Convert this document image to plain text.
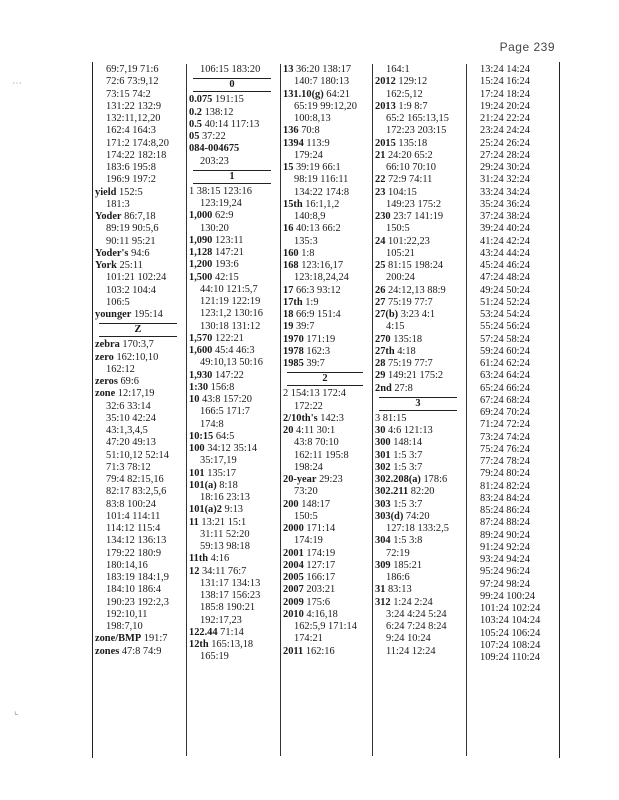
Page 239
⋯
⌞
69:7,19 71:6
72:6 73:9,12
73:15 74:2
131:22 132:9
132:11,12,20
162:4 164:3
171:2 174:8,20
174:22 182:18
183:6 195:8
196:9 197:2
yield 152:5
181:3
Yoder 86:7,18
89:19 90:5,6
90:11 95:21
Yoder's 94:6
York 25:11
101:21 102:24
103:2 104:4
106:5
younger 195:14
Z
zebra 170:3,7
zero 162:10,10
162:12
zeros 69:6
zone 12:17,19
32:6 33:14
35:10 42:24
43:1,3,4,5
47:20 49:13
51:10,12 52:14
71:3 78:12
79:4 82:15,16
82:17 83:2,5,6
83:8 100:24
101:4 114:11
114:12 115:4
134:12 136:13
179:22 180:9
180:14,16
183:19 184:1,9
184:10 186:4
190:23 192:2,3
192:10,11
198:7,10
zone/BMP 191:7
zones 47:8 74:9
106:15 183:20
0
0.075 191:15
0.2 138:12
0.5 40:14 117:13
05 37:22
084-004675
203:23
1
1 38:15 123:16
123:19,24
1,000 62:9
130:20
1,090 123:11
1,128 147:21
1,200 193:6
1,500 42:15
44:10 121:5,7
121:19 122:19
123:1,2 130:16
130:18 131:12
1,570 122:21
1,600 45:4 46:3
49:10,13 50:16
1,930 147:22
1:30 156:8
10 43:8 157:20
166:5 171:7
174:8
10:15 64:5
100 34:12 35:14
35:17,19
101 135:17
101(a) 8:18
18:16 23:13
101(a)2 9:13
11 13:21 15:1
31:11 52:20
59:13 98:18
11th 4:16
12 34:11 76:7
131:17 134:13
138:17 156:23
185:8 190:21
192:17,23
122.44 71:14
12th 165:13,18
165:19
13 36:20 138:17
140:7 180:13
131.10(g) 64:21
65:19 99:12,20
100:8,13
136 70:8
1394 113:9
179:24
15 39:19 66:1
98:19 116:11
134:22 174:8
15th 16:1,1,2
140:8,9
16 40:13 66:2
135:3
160 1:8
168 123:16,17
123:18,24,24
17 66:3 93:12
17th 1:9
18 66:9 151:4
19 39:7
1970 171:19
1978 162:3
1985 39:7
2
2 154:13 172:4
172:22
2/10th's 142:3
20 4:11 30:1
43:8 70:10
162:11 195:8
198:24
20-year 29:23
73:20
200 148:17
150:5
2000 171:14
174:19
2001 174:19
2004 127:17
2005 166:17
2007 203:21
2009 175:6
2010 4:16,18
162:5,9 171:14
174:21
2011 162:16
164:1
2012 129:12
162:5,12
2013 1:9 8:7
65:2 165:13,15
172:23 203:15
2015 135:18
21 24:20 65:2
66:10 70:10
22 72:9 74:11
23 104:15
149:23 175:2
230 23:7 141:19
150:5
24 101:22,23
105:21
25 81:15 198:24
200:24
26 24:12,13 88:9
27 75:19 77:7
27(b) 3:23 4:1
4:15
270 135:18
27th 4:18
28 75:19 77:7
29 149:21 175:2
2nd 27:8
3
3 81:15
30 4:6 121:13
300 148:14
301 1:5 3:7
302 1:5 3:7
302.208(a) 178:6
302.211 82:20
303 1:5 3:7
303(d) 74:20
127:18 133:2,5
304 1:5 3:8
72:19
309 185:21
186:6
31 83:13
312 1:24 2:24
3:24 4:24 5:24
6:24 7:24 8:24
9:24 10:24
11:24 12:24
13:24 14:24
15:24 16:24
17:24 18:24
19:24 20:24
21:24 22:24
23:24 24:24
25:24 26:24
27:24 28:24
29:24 30:24
31:24 32:24
33:24 34:24
35:24 36:24
37:24 38:24
39:24 40:24
41:24 42:24
43:24 44:24
45:24 46:24
47:24 48:24
49:24 50:24
51:24 52:24
53:24 54:24
55:24 56:24
57:24 58:24
59:24 60:24
61:24 62:24
63:24 64:24
65:24 66:24
67:24 68:24
69:24 70:24
71:24 72:24
73:24 74:24
75:24 76:24
77:24 78:24
79:24 80:24
81:24 82:24
83:24 84:24
85:24 86:24
87:24 88:24
89:24 90:24
91:24 92:24
93:24 94:24
95:24 96:24
97:24 98:24
99:24 100:24
101:24 102:24
103:24 104:24
105:24 106:24
107:24 108:24
109:24 110:24
